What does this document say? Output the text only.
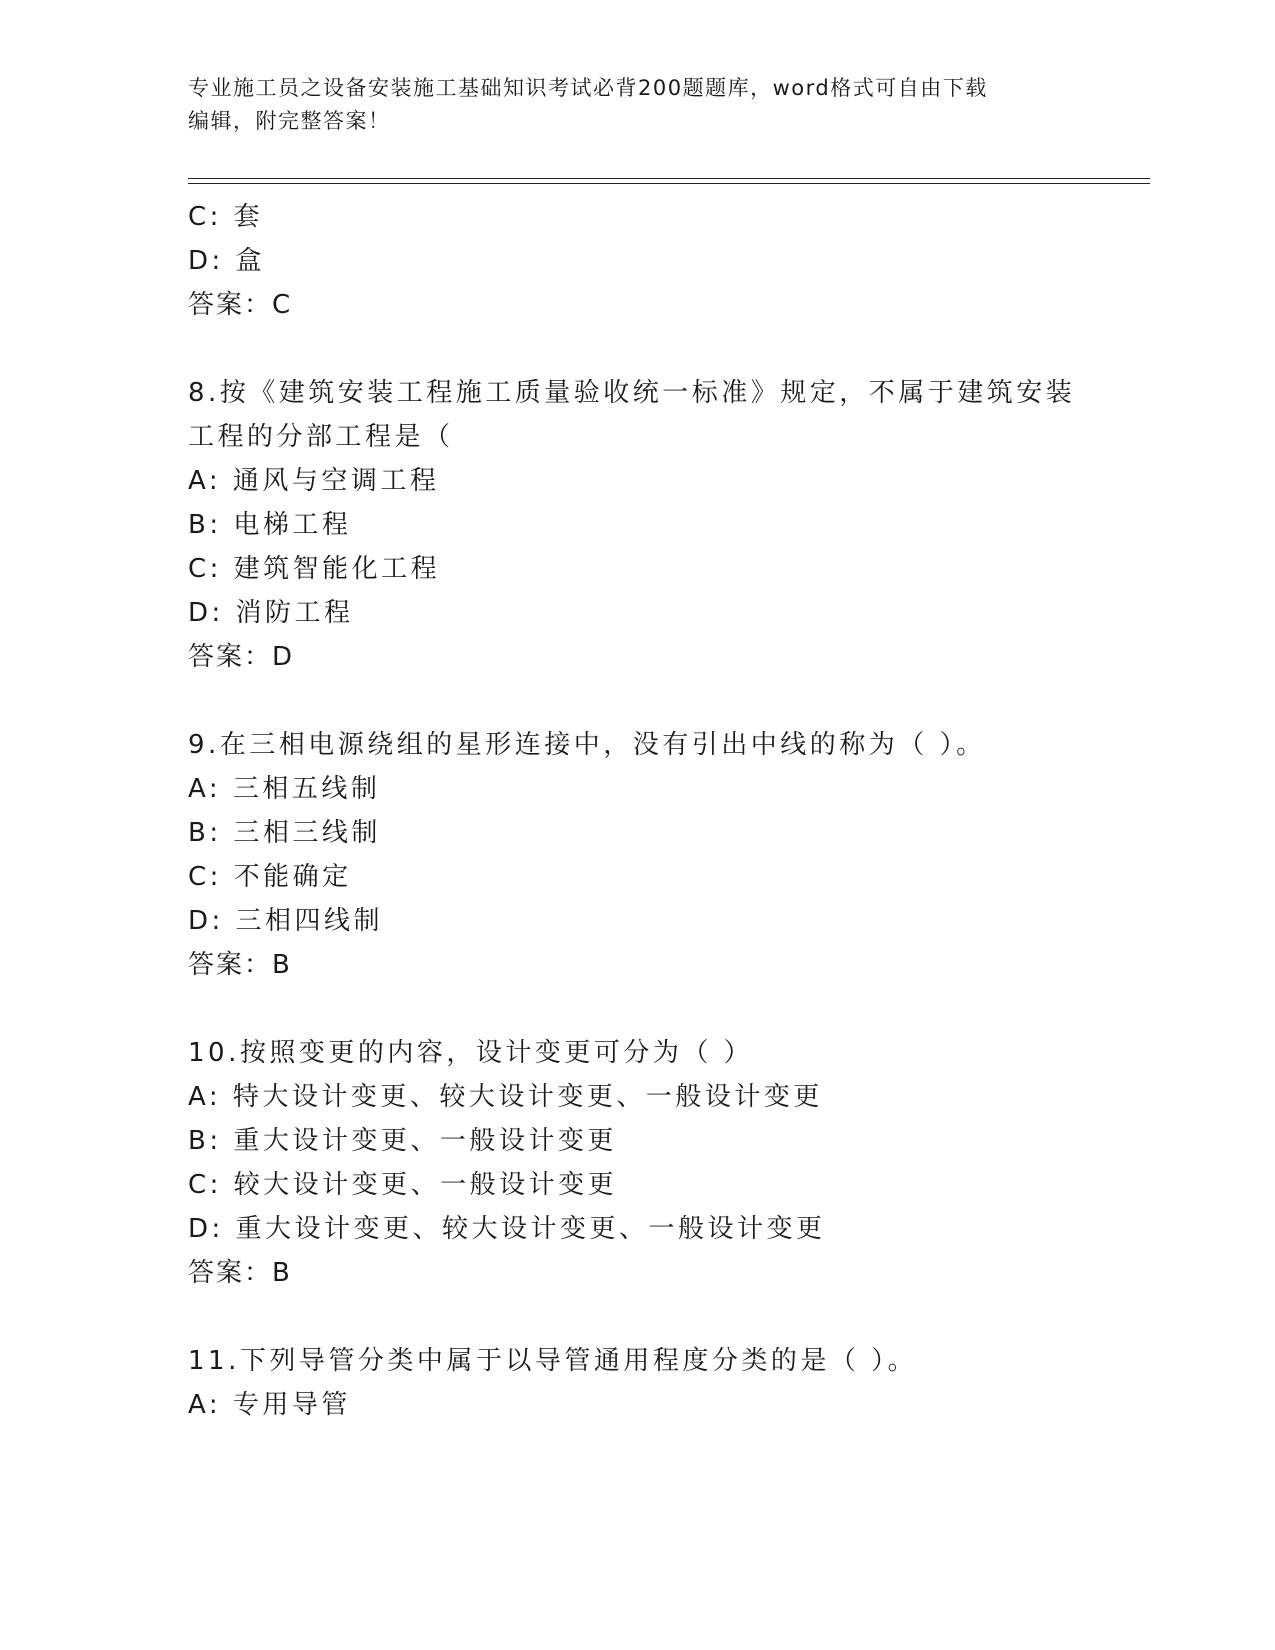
专业施工员之设备安装施工基础知识考试必背200题题库，word格式可自由下载
编辑，附完整答案！
C: 套
D: 盒
答案：C
8.按《建筑安装工程施工质量验收统一标准》规定，不属于建筑安装
工程的分部工程是（
A: 通风与空调工程
B: 电梯工程
C: 建筑智能化工程
D: 消防工程
答案：D
9.在三相电源绕组的星形连接中，没有引出中线的称为（ ）。
A: 三相五线制
B: 三相三线制
C: 不能确定
D: 三相四线制
答案：B
10.按照变更的内容，设计变更可分为（ ）
A: 特大设计变更、较大设计变更、一般设计变更
B: 重大设计变更、一般设计变更
C: 较大设计变更、一般设计变更
D: 重大设计变更、较大设计变更、一般设计变更
答案：B
11.下列导管分类中属于以导管通用程度分类的是（ ）。
A: 专用导管
